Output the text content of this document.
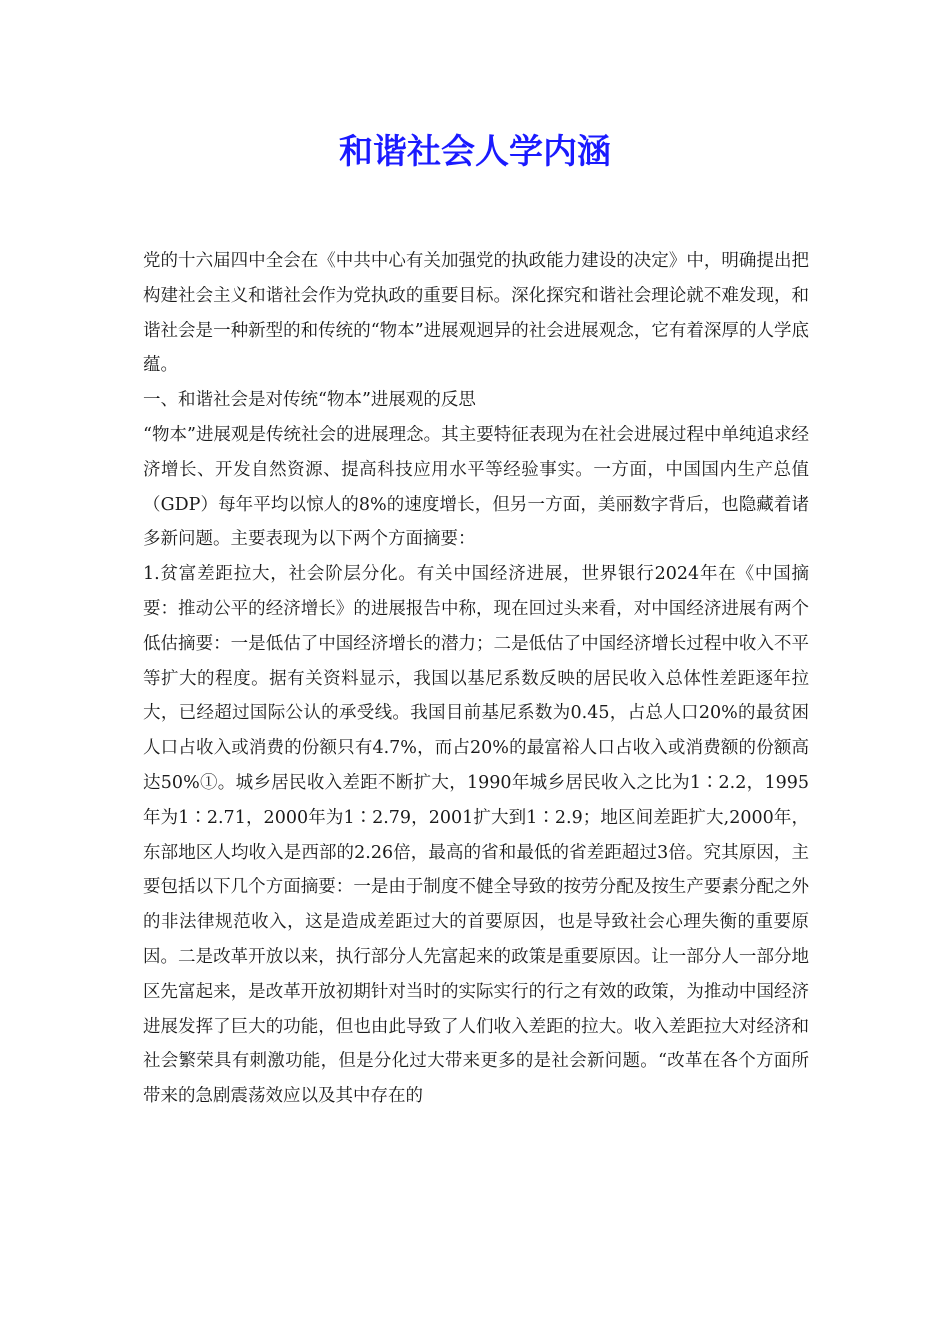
和谐社会人学内涵

党的十六届四中全会在《中共中心有关加强党的执政能力建设的决定》中，明确提出把构建社会主义和谐社会作为党执政的重要目标。深化探究和谐社会理论就不难发现，和谐社会是一种新型的和传统的“物本”进展观迥异的社会进展观念，它有着深厚的人学底蕴。

一、和谐社会是对传统“物本”进展观的反思

“物本”进展观是传统社会的进展理念。其主要特征表现为在社会进展过程中单纯追求经济增长、开发自然资源、提高科技应用水平等经验事实。一方面，中国国内生产总值（GDP）每年平均以惊人的8%的速度增长，但另一方面，美丽数字背后，也隐藏着诸多新问题。主要表现为以下两个方面摘要：

1.贫富差距拉大，社会阶层分化。有关中国经济进展，世界银行2024年在《中国摘要：推动公平的经济增长》的进展报告中称，现在回过头来看，对中国经济进展有两个低估摘要：一是低估了中国经济增长的潜力；二是低估了中国经济增长过程中收入不平等扩大的程度。据有关资料显示，我国以基尼系数反映的居民收入总体性差距逐年拉大，已经超过国际公认的承受线。我国目前基尼系数为0.45，占总人口20%的最贫困人口占收入或消费的份额只有4.7%，而占20%的最富裕人口占收入或消费额的份额高达50%①。城乡居民收入差距不断扩大，1990年城乡居民收入之比为1∶2.2，1995年为1∶2.71，2000年为1∶2.79，2001扩大到1∶2.9；地区间差距扩大,2000年，东部地区人均收入是西部的2.26倍，最高的省和最低的省差距超过3倍。究其原因，主要包括以下几个方面摘要：一是由于制度不健全导致的按劳分配及按生产要素分配之外的非法律规范收入，这是造成差距过大的首要原因，也是导致社会心理失衡的重要原因。二是改革开放以来，执行部分人先富起来的政策是重要原因。让一部分人一部分地区先富起来，是改革开放初期针对当时的实际实行的行之有效的政策，为推动中国经济进展发挥了巨大的功能，但也由此导致了人们收入差距的拉大。收入差距拉大对经济和社会繁荣具有刺激功能，但是分化过大带来更多的是社会新问题。“改革在各个方面所带来的急剧震荡效应以及其中存在的
